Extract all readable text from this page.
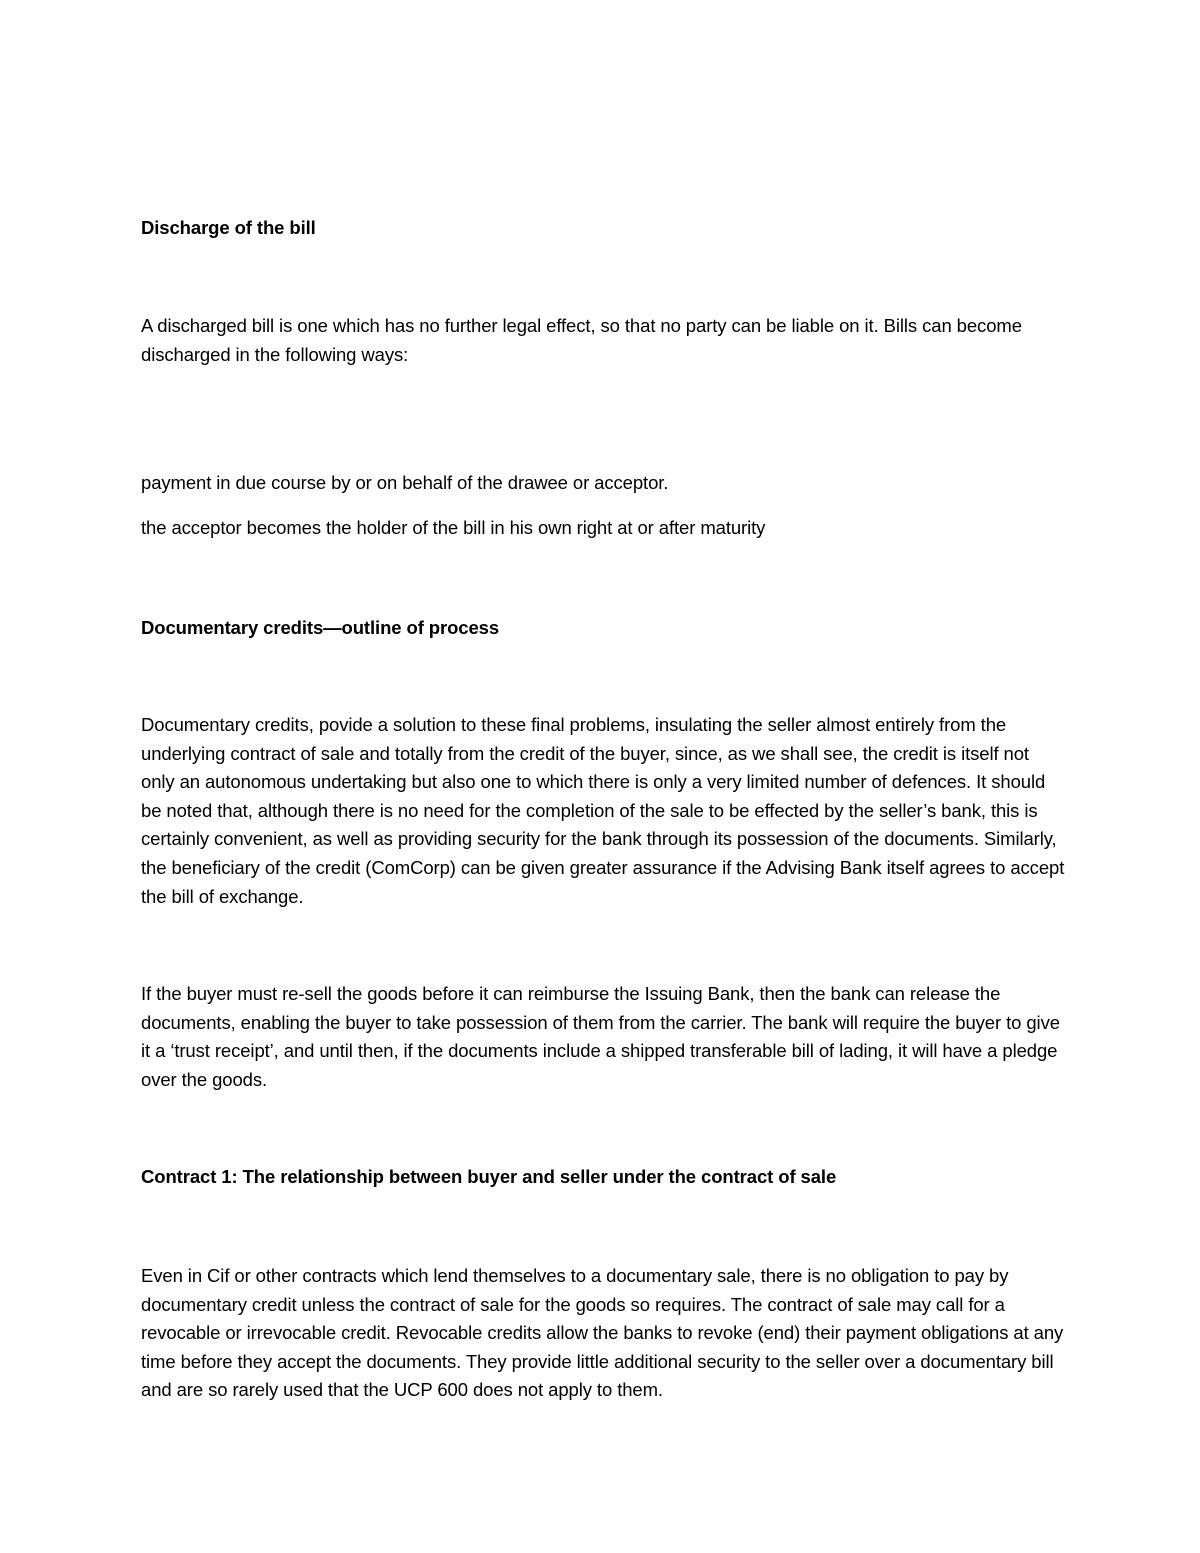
Discharge of the bill

A discharged bill is one which has no further legal effect, so that no party can be liable on it. Bills can become discharged in the following ways:

payment in due course by or on behalf of the drawee or acceptor.

the acceptor becomes the holder of the bill in his own right at or after maturity

Documentary credits—outline of process

Documentary credits, povide a solution to these final problems, insulating the seller almost entirely from the underlying contract of sale and totally from the credit of the buyer, since, as we shall see, the credit is itself not only an autonomous undertaking but also one to which there is only a very limited number of defences. It should be noted that, although there is no need for the completion of the sale to be effected by the seller’s bank, this is certainly convenient, as well as providing security for the bank through its possession of the documents. Similarly, the beneficiary of the credit (ComCorp) can be given greater assurance if the Advising Bank itself agrees to accept the bill of exchange.

If the buyer must re-sell the goods before it can reimburse the Issuing Bank, then the bank can release the documents, enabling the buyer to take possession of them from the carrier. The bank will require the buyer to give it a ‘trust receipt’, and until then, if the documents include a shipped transferable bill of lading, it will have a pledge over the goods.

Contract 1: The relationship between buyer and seller under the contract of sale

Even in Cif or other contracts which lend themselves to a documentary sale, there is no obligation to pay by documentary credit unless the contract of sale for the goods so requires. The contract of sale may call for a revocable or irrevocable credit. Revocable credits allow the banks to revoke (end) their payment obligations at any time before they accept the documents. They provide little additional security to the seller over a documentary bill and are so rarely used that the UCP 600 does not apply to them.
